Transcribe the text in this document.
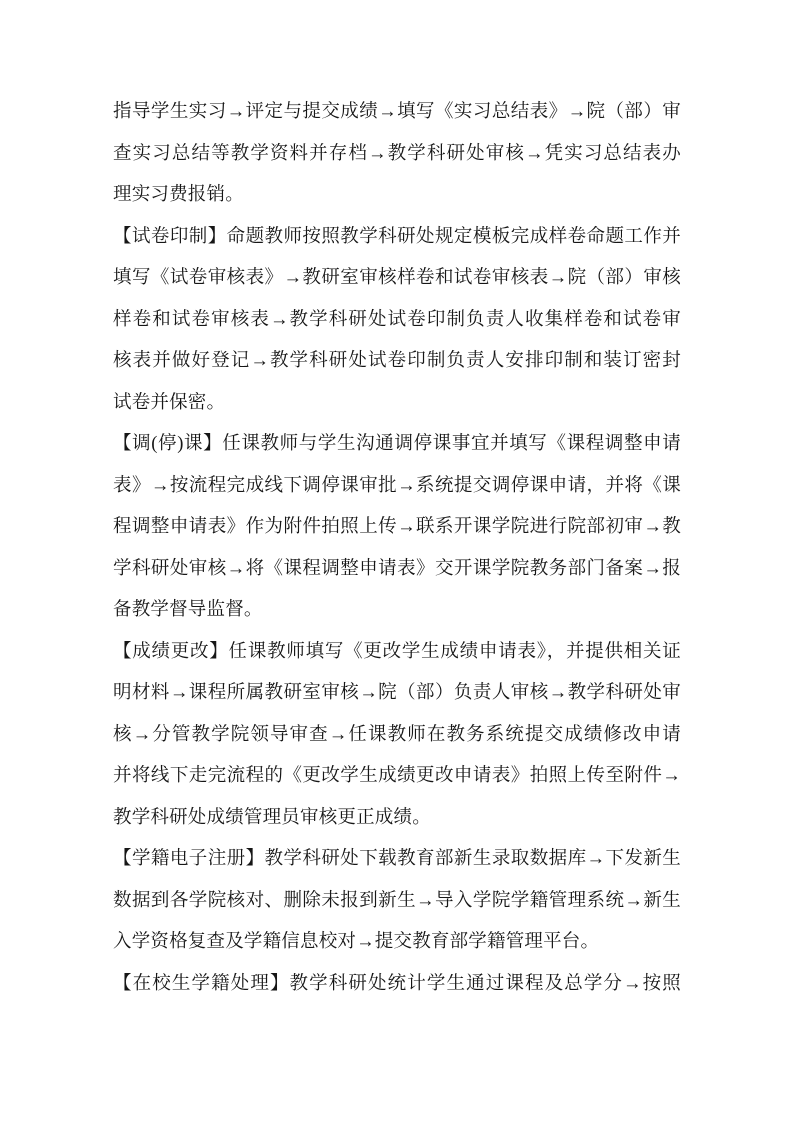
指导学生实习→评定与提交成绩→填写《实习总结表》→院（部）审
查实习总结等教学资料并存档→教学科研处审核→凭实习总结表办
理实习费报销。
【试卷印制】命题教师按照教学科研处规定模板完成样卷命题工作并
填写《试卷审核表》→教研室审核样卷和试卷审核表→院（部）审核
样卷和试卷审核表→教学科研处试卷印制负责人收集样卷和试卷审
核表并做好登记→教学科研处试卷印制负责人安排印制和装订密封
试卷并保密。
【调(停)课】任课教师与学生沟通调停课事宜并填写《课程调整申请
表》→按流程完成线下调停课审批→系统提交调停课申请，并将《课
程调整申请表》作为附件拍照上传→联系开课学院进行院部初审→教
学科研处审核→将《课程调整申请表》交开课学院教务部门备案→报
备教学督导监督。
【成绩更改】任课教师填写《更改学生成绩申请表》，并提供相关证
明材料→课程所属教研室审核→院（部）负责人审核→教学科研处审
核→分管教学院领导审查→任课教师在教务系统提交成绩修改申请
并将线下走完流程的《更改学生成绩更改申请表》拍照上传至附件→
教学科研处成绩管理员审核更正成绩。
【学籍电子注册】教学科研处下载教育部新生录取数据库→下发新生
数据到各学院核对、删除未报到新生→导入学院学籍管理系统→新生
入学资格复查及学籍信息校对→提交教育部学籍管理平台。
【在校生学籍处理】教学科研处统计学生通过课程及总学分→按照
